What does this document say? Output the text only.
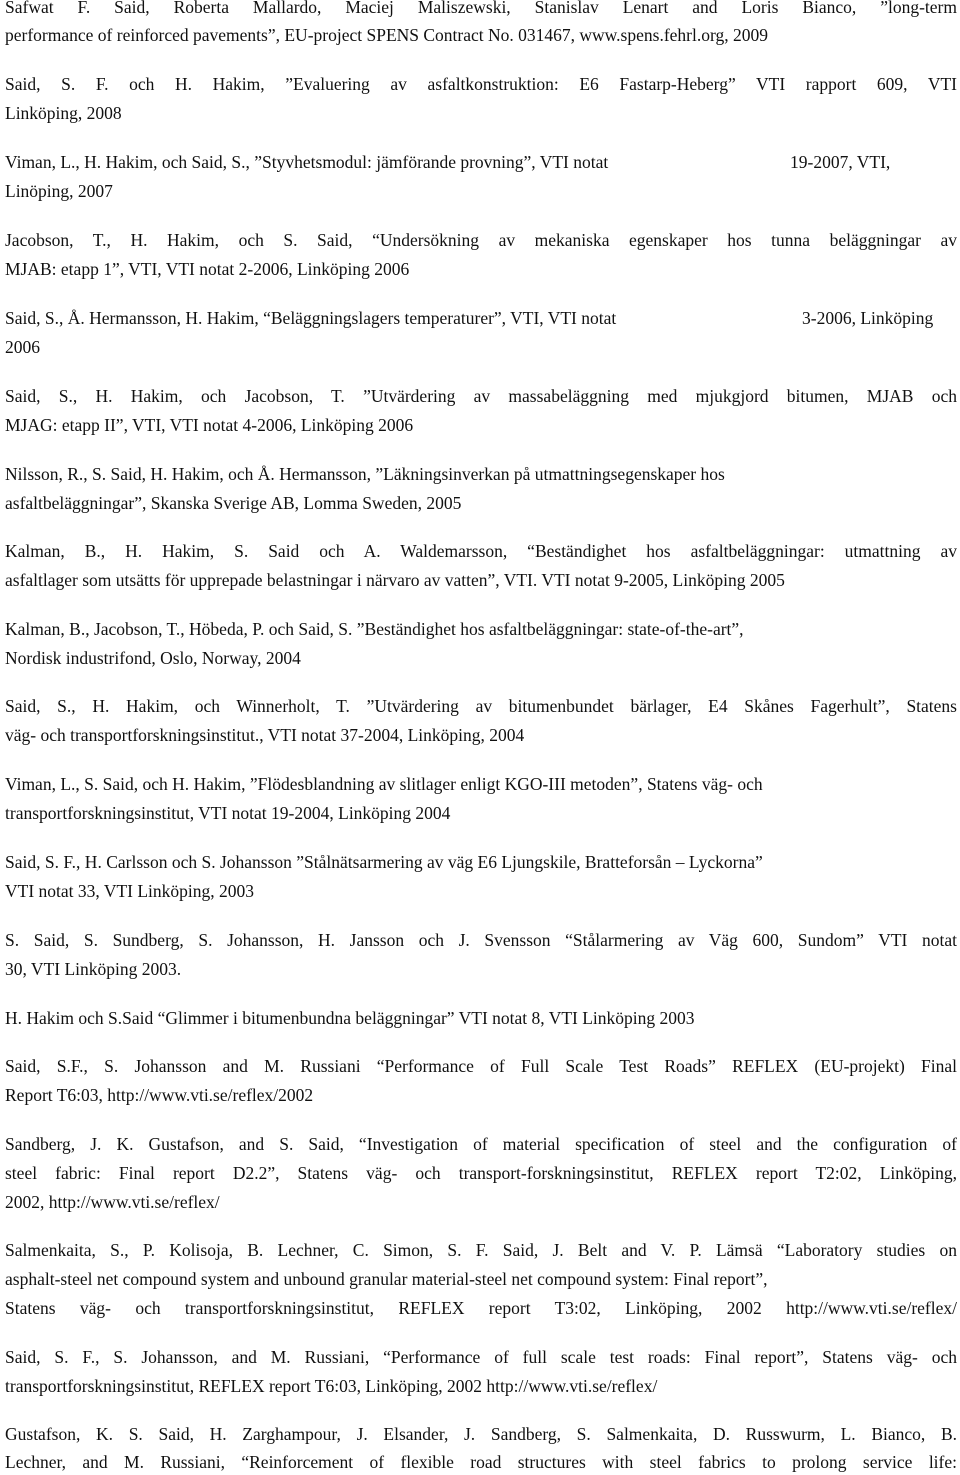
Safwat F. Said, Roberta Mallardo, Maciej Maliszewski, Stanislav Lenart and Loris Bianco, ”long-term
performance of reinforced pavements”, EU-project SPENS Contract No. 031467, www.spens.fehrl.org, 2009
Said, S. F. och H. Hakim, ”Evaluering av asfaltkonstruktion: E6 Fastarp-Heberg” VTI rapport 609, VTI
Linköping, 2008
Viman, L., H. Hakim, och Said, S., ”Styvhetsmodul: jämförande provning”, VTI notat	19-2007, VTI,
Linöping, 2007
Jacobson, T., H. Hakim, och S. Said, “Undersökning av mekaniska egenskaper hos tunna beläggningar av
MJAB: etapp 1”, VTI, VTI notat 2-2006, Linköping 2006
Said, S., Å. Hermansson, H. Hakim, “Beläggningslagers temperaturer”, VTI, VTI notat	3-2006, Linköping
2006
Said, S., H. Hakim, och Jacobson, T. ”Utvärdering av massabeläggning med mjukgjord bitumen, MJAB och
MJAG: etapp II”, VTI, VTI notat 4-2006, Linköping 2006
Nilsson, R., S. Said, H. Hakim, och Å. Hermansson, ”Läkningsinverkan på utmattningsegenskaper hos
asfaltbeläggningar”, Skanska Sverige AB, Lomma Sweden, 2005
Kalman, B., H. Hakim, S. Said och A. Waldemarsson, “Beständighet hos asfaltbeläggningar: utmattning av
asfaltlager som utsätts för upprepade belastningar i närvaro av vatten”, VTI. VTI notat 9-2005, Linköping 2005
Kalman, B., Jacobson, T., Höbeda, P. och Said, S. ”Beständighet hos asfaltbeläggningar: state-of-the-art”,
Nordisk industrifond, Oslo, Norway, 2004
Said, S., H. Hakim, och Winnerholt, T. ”Utvärdering av bitumenbundet bärlager, E4 Skånes Fagerhult”, Statens
väg- och transportforskningsinstitut., VTI notat 37-2004, Linköping, 2004
Viman, L., S. Said, och H. Hakim, ”Flödesblandning av slitlager enligt KGO-III metoden”, Statens väg- och
transportforskningsinstitut, VTI notat 19-2004, Linköping 2004
Said, S. F., H. Carlsson och S. Johansson ”Stålnätsarmering av väg E6 Ljungskile, Bratteforsån – Lyckorna”
VTI notat 33, VTI Linköping, 2003
S. Said, S. Sundberg, S. Johansson, H. Jansson och J. Svensson “Stålarmering av Väg 600, Sundom” VTI notat
30, VTI Linköping 2003.
H. Hakim och S.Said “Glimmer i bitumenbundna beläggningar” VTI notat 8, VTI Linköping 2003
Said, S.F., S. Johansson and M. Russiani “Performance of Full Scale Test Roads” REFLEX (EU-projekt) Final
Report T6:03, http://www.vti.se/reflex/2002
Sandberg, J. K. Gustafson, and S. Said, “Investigation of material specification of steel and the configuration of
steel fabric: Final report D2.2”, Statens väg- och transport-forskningsinstitut, REFLEX report T2:02, Linköping,
2002, http://www.vti.se/reflex/
Salmenkaita, S., P. Kolisoja, B. Lechner, C. Simon, S. F. Said, J. Belt and V. P. Lämsä “Laboratory studies on
asphalt-steel net compound system and unbound granular material-steel net compound system: Final report”,
Statens väg- och transportforskningsinstitut, REFLEX report T3:02, Linköping, 2002 http://www.vti.se/reflex/
Said, S. F., S. Johansson, and M. Russiani, “Performance of full scale test roads: Final report”, Statens väg- och
transportforskningsinstitut, REFLEX report T6:03, Linköping, 2002 http://www.vti.se/reflex/
Gustafson, K. S. Said, H. Zarghampour, J. Elsander, J. Sandberg, S. Salmenkaita, D. Russwurm, L. Bianco, B.
Lechner, and M. Russiani, “Reinforcement of flexible road structures with steel fabrics to prolong service life:
